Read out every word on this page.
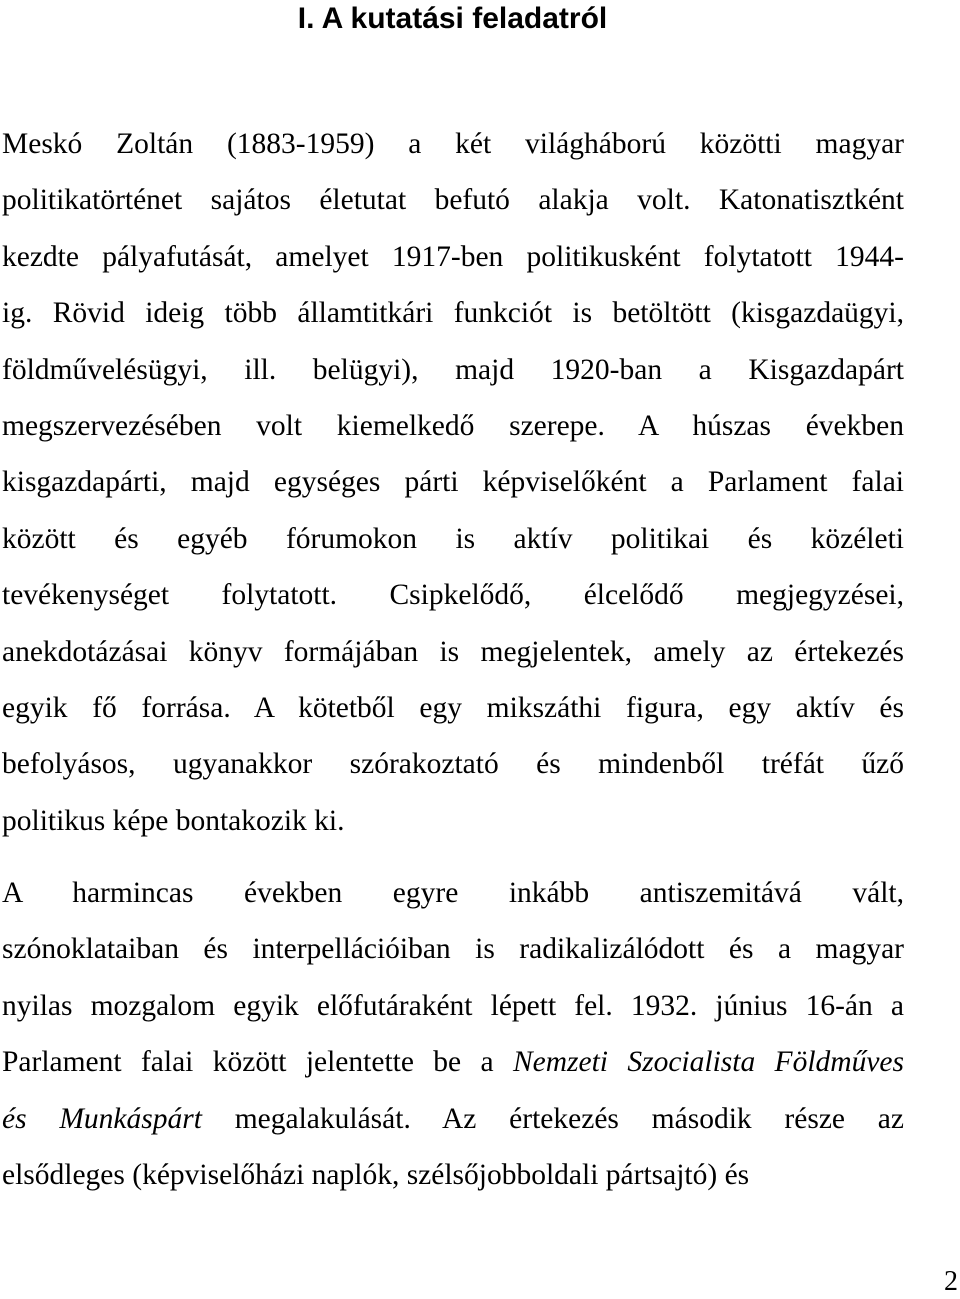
I. A kutatási feladatról
Meskó Zoltán (1883-1959) a két világháború közötti magyar
politikatörténet sajátos életutat befutó alakja volt. Katonatisztként
kezdte pályafutását, amelyet 1917-ben politikusként folytatott 1944-
ig. Rövid ideig több államtitkári funkciót is betöltött (kisgazdaügyi,
földművelésügyi, ill. belügyi), majd 1920-ban a Kisgazdapárt
megszervezésében volt kiemelkedő szerepe. A húszas években
kisgazdapárti, majd egységes párti képviselőként a Parlament falai
között és egyéb fórumokon is aktív politikai és közéleti
tevékenységet folytatott. Csipkelődő, élcelődő megjegyzései,
anekdotázásai könyv formájában is megjelentek, amely az értekezés
egyik fő forrása. A kötetből egy mikszáthi figura, egy aktív és
befolyásos, ugyanakkor szórakoztató és mindenből tréfát űző
politikus képe bontakozik ki.
A harmincas években egyre inkább antiszemitává vált,
szónoklataiban és interpellációiban is radikalizálódott és a magyar
nyilas mozgalom egyik előfutáraként lépett fel. 1932. június 16-án a
Parlament falai között jelentette be a Nemzeti Szocialista Földműves
és Munkáspárt megalakulását. Az értekezés második része az
elsődleges (képviselőházi naplók, szélsőjobboldali pártsajtó) és
2
